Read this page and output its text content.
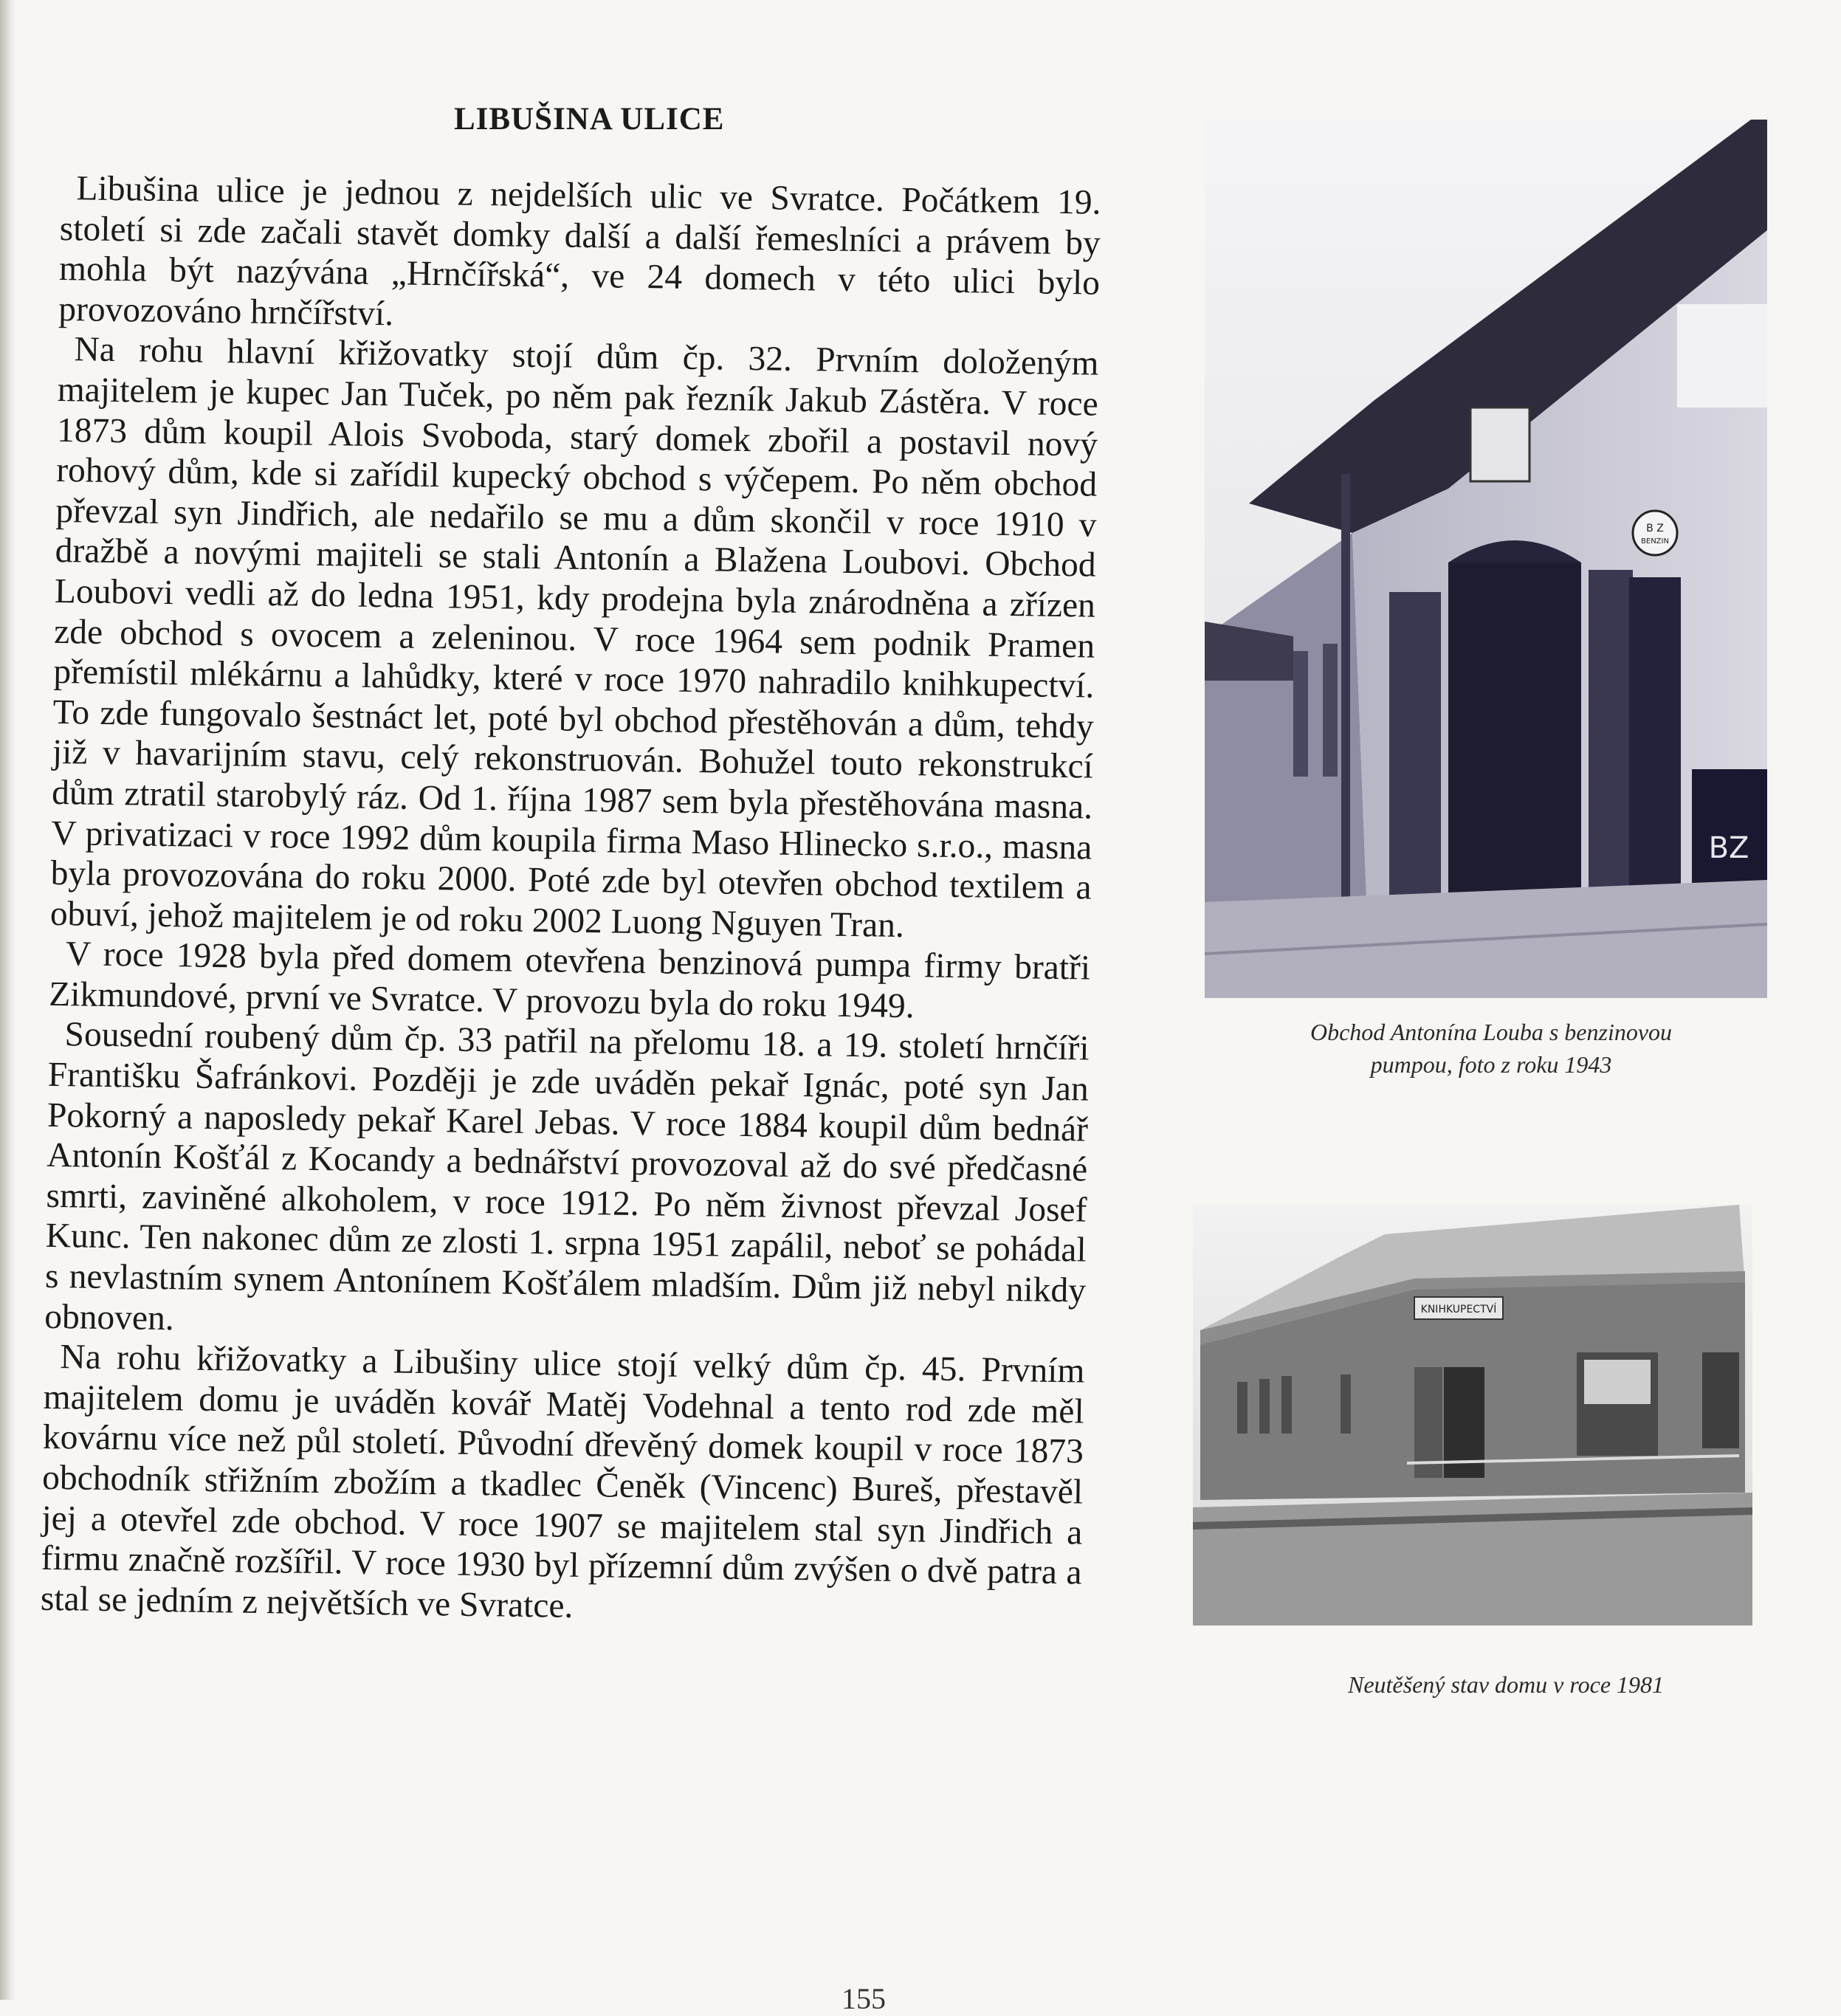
LIBUŠINA ULICE

Libušina ulice je jednou z nejdelších ulic ve Svratce. Počátkem 19. století si zde začali stavět domky další a další řemeslníci a právem by mohla být nazývána „Hrnčířská“, ve 24 domech v této ulici bylo provozováno hrnčířství.

Na rohu hlavní křižovatky stojí dům čp. 32. Prvním doloženým majitelem je kupec Jan Tuček, po něm pak řezník Jakub Zástěra. V roce 1873 dům koupil Alois Svoboda, starý domek zbořil a postavil nový rohový dům, kde si zařídil kupecký obchod s výčepem. Po něm obchod převzal syn Jindřich, ale nedařilo se mu a dům skončil v roce 1910 v dražbě a novými majiteli se stali Antonín a Blažena Loubovi. Obchod Loubovi vedli až do ledna 1951, kdy prodejna byla znárodněna a zřízen zde obchod s ovocem a zeleninou. V roce 1964 sem podnik Pramen přemístil mlékárnu a lahůdky, které v roce 1970 nahradilo knihkupectví. To zde fungovalo šestnáct let, poté byl obchod přestěhován a dům, tehdy již v havarijním stavu, celý rekonstruován. Bohužel touto rekonstrukcí dům ztratil starobylý ráz. Od 1. října 1987 sem byla přestěhována masna. V privatizaci v roce 1992 dům koupila firma Maso Hlinecko s.r.o., masna byla provozována do roku 2000. Poté zde byl otevřen obchod textilem a obuví, jehož majitelem je od roku 2002 Luong Nguyen Tran.

V roce 1928 byla před domem otevřena benzinová pumpa firmy bratři Zikmundové, první ve Svratce. V provozu byla do roku 1949.

Sousední roubený dům čp. 33 patřil na přelomu 18. a 19. století hrnčíři Františku Šafránkovi. Později je zde uváděn pekař Ignác, poté syn Jan Pokorný a naposledy pekař Karel Jebas. V roce 1884 koupil dům bednář Antonín Košťál z Kocandy a bednářství provozoval až do své předčasné smrti, zaviněné alkoholem, v roce 1912. Po něm živnost převzal Josef Kunc. Ten nakonec dům ze zlosti 1. srpna 1951 zapálil, neboť se pohádal s nevlastním synem Antonínem Košťálem mladším. Dům již nebyl nikdy obnoven.

Na rohu křižovatky a Libušiny ulice stojí velký dům čp. 45. Prvním majitelem domu je uváděn kovář Matěj Vodehnal a tento rod zde měl kovárnu více než půl století. Původní dřevěný domek koupil v roce 1873 obchodník střižním zbožím a tkadlec Čeněk (Vincenc) Bureš, přestavěl jej a otevřel zde obchod. V roce 1907 se majitelem stal syn Jindřich a firmu značně rozšířil. V roce 1930 byl přízemní dům zvýšen o dvě patra a stal se jedním z největších ve Svratce.

B Z
BENZIN
BZ
Obchod Antonína Louba s benzinovou
pumpou, foto z roku 1943
KNIHKUPECTVÍ
Neutěšený stav domu v roce 1981
155
